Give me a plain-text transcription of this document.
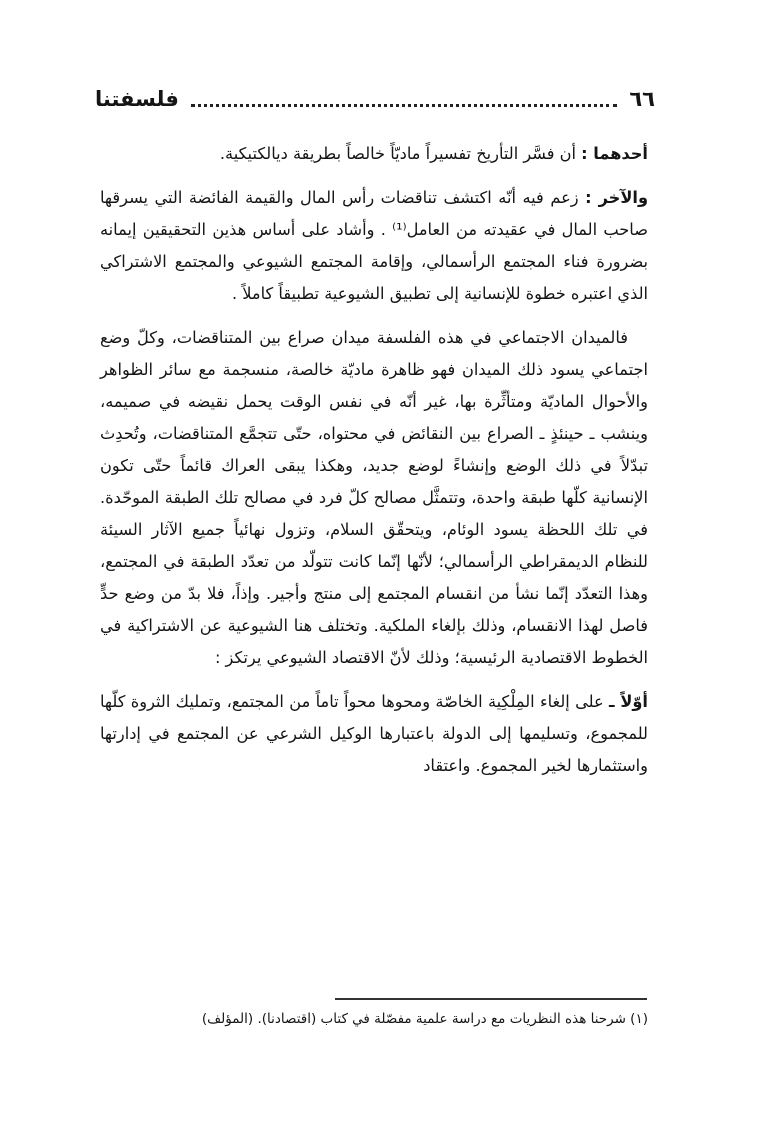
٦٦
فلسفتنا

أحدهما : أن فسَّر التأريخ تفسيراً ماديّاً خالصاً بطريقة ديالكتيكية.

والآخر : زعم فيه أنّه اكتشف تناقضات رأس المال والقيمة الفائضة التي يسرقها صاحب المال في عقيدته من العامل⁽¹⁾ . وأشاد على أساس هذين التحقيقين إيمانه بضرورة فناء المجتمع الرأسمالي، وإقامة المجتمع الشيوعي والمجتمع الاشتراكي الذي اعتبره خطوة للإنسانية إلى تطبيق الشيوعية تطبيقاً كاملاً .

فالميدان الاجتماعي في هذه الفلسفة ميدان صراع بين المتناقضات، وكلّ وضع اجتماعي يسود ذلك الميدان فهو ظاهرة ماديّة خالصة، منسجمة مع سائر الظواهر والأحوال الماديّة ومتأثِّرة بها، غير أنّه في نفس الوقت يحمل نقيضه في صميمه، وينشب ـ حينئذٍ ـ الصراع بين النقائض في محتواه، حتّى تتجمَّع المتناقضات، وتُحدِث تبدّلاً في ذلك الوضع وإنشاءً لوضع جديد، وهكذا يبقى العراك قائماً حتّى تكون الإنسانية كلّها طبقة واحدة، وتتمثَّل مصالح كلّ فرد في مصالح تلك الطبقة الموحّدة. في تلك اللحظة يسود الوئام، ويتحقّق السلام، وتزول نهائياً جميع الآثار السيئة للنظام الديمقراطي الرأسمالي؛ لأنّها إنّما كانت تتولّد من تعدّد الطبقة في المجتمع، وهذا التعدّد إنّما نشأ من انقسام المجتمع إلى منتج وأجير. وإذاً، فلا بدّ من وضع حدٍّ فاصل لهذا الانقسام، وذلك بإلغاء الملكية. وتختلف هنا الشيوعية عن الاشتراكية في الخطوط الاقتصادية الرئيسية؛ وذلك لأنّ الاقتصاد الشيوعي يرتكز :

أوّلاً ـ على إلغاء المِلْكِية الخاصّة ومحوها محواً تاماً من المجتمع، وتمليك الثروة كلّها للمجموع، وتسليمها إلى الدولة باعتبارها الوكيل الشرعي عن المجتمع في إدارتها واستثمارها لخير المجموع. واعتقاد

(١) شرحنا هذه النظريات مع دراسة علمية مفصّلة في كتاب (اقتصادنا). (المؤلف)
